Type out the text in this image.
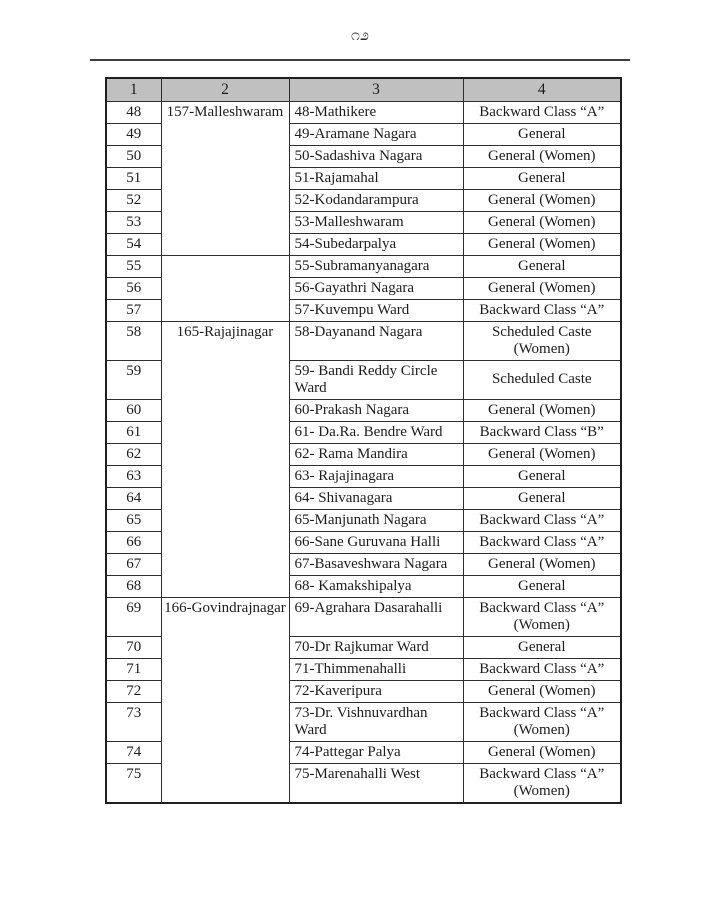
೧೨
1	2	3	4
48	157-Malleshwaram	48-Mathikere	Backward Class “A”
49		49-Aramane Nagara	General
50		50-Sadashiva Nagara	General (Women)
51		51-Rajamahal	General
52		52-Kodandarampura	General (Women)
53		53-Malleshwaram	General (Women)
54		54-Subedarpalya	General (Women)
55		55-Subramanyanagara	General
56		56-Gayathri Nagara	General (Women)
57		57-Kuvempu Ward	Backward Class “A”
58	165-Rajajinagar	58-Dayanand Nagara	Scheduled Caste (Women)
59		59- Bandi Reddy Circle Ward	Scheduled Caste
60		60-Prakash Nagara	General (Women)
61		61- Da.Ra. Bendre Ward	Backward Class “B”
62		62- Rama Mandira	General (Women)
63		63- Rajajinagara	General
64		64- Shivanagara	General
65		65-Manjunath Nagara	Backward Class “A”
66		66-Sane Guruvana Halli	Backward Class “A”
67		67-Basaveshwara Nagara	General (Women)
68		68- Kamakshipalya	General
69	166-Govindrajnagar	69-Agrahara Dasarahalli	Backward Class “A” (Women)
70		70-Dr Rajkumar Ward	General
71		71-Thimmenahalli	Backward Class “A”
72		72-Kaveripura	General (Women)
73		73-Dr. Vishnuvardhan Ward	Backward Class “A” (Women)
74		74-Pattegar Palya	General (Women)
75		75-Marenahalli West	Backward Class “A” (Women)
